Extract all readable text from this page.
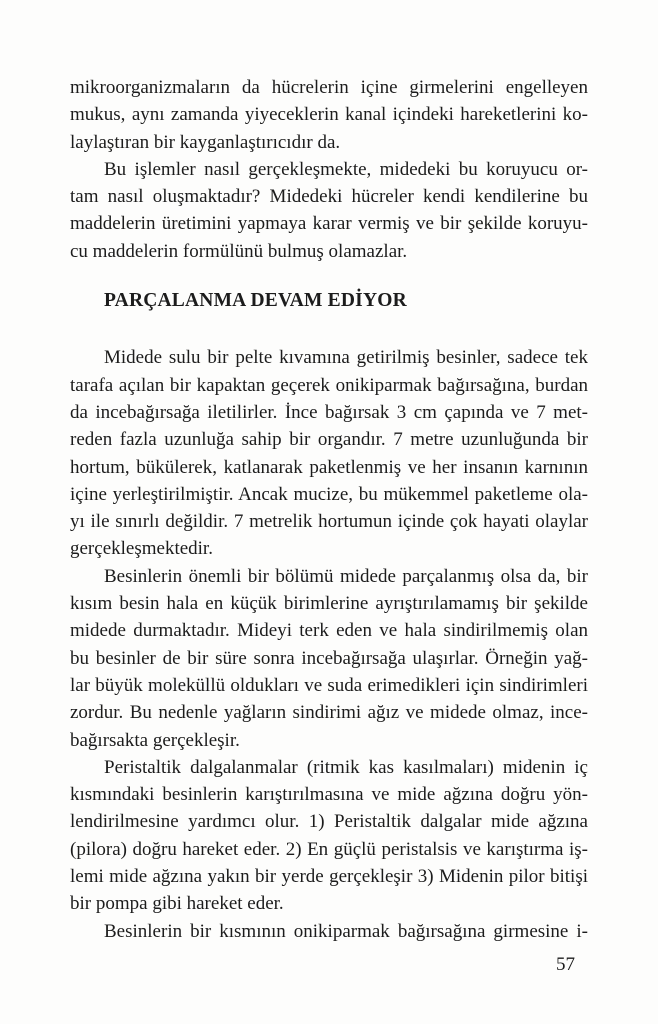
mikroorganizmaların da hücrelerin içine girmelerini engelleyen
mukus, aynı zamanda yiyeceklerin kanal içindeki hareketlerini ko-
laylaştıran bir kayganlaştırıcıdır da.
Bu işlemler nasıl gerçekleşmekte, midedeki bu koruyucu or-
tam nasıl oluşmaktadır? Midedeki hücreler kendi kendilerine bu
maddelerin üretimini yapmaya karar vermiş ve bir şekilde koruyu-
cu maddelerin formülünü bulmuş olamazlar.
PARÇALANMA DEVAM EDİYOR
Midede sulu bir pelte kıvamına getirilmiş besinler, sadece tek
tarafa açılan bir kapaktan geçerek onikiparmak bağırsağına, burdan
da incebağırsağa iletilirler. İnce bağırsak 3 cm çapında ve 7 met-
reden fazla uzunluğa sahip bir organdır. 7 metre uzunluğunda bir
hortum, bükülerek, katlanarak paketlenmiş ve her insanın karnının
içine yerleştirilmiştir. Ancak mucize, bu mükemmel paketleme ola-
yı ile sınırlı değildir. 7 metrelik hortumun içinde çok hayati olaylar
gerçekleşmektedir.
Besinlerin önemli bir bölümü midede parçalanmış olsa da, bir
kısım besin hala en küçük birimlerine ayrıştırılamamış bir şekilde
midede durmaktadır. Mideyi terk eden ve hala sindirilmemiş olan
bu besinler de bir süre sonra incebağırsağa ulaşırlar. Örneğin yağ-
lar büyük moleküllü oldukları ve suda erimedikleri için sindirimleri
zordur. Bu nedenle yağların sindirimi ağız ve midede olmaz, ince-
bağırsakta gerçekleşir.
Peristaltik dalgalanmalar (ritmik kas kasılmaları) midenin iç
kısmındaki besinlerin karıştırılmasına ve mide ağzına doğru yön-
lendirilmesine yardımcı olur. 1) Peristaltik dalgalar mide ağzına
(pilora) doğru hareket eder. 2) En güçlü peristalsis ve karıştırma iş-
lemi mide ağzına yakın bir yerde gerçekleşir 3) Midenin pilor bitişi
bir pompa gibi hareket eder.
Besinlerin bir kısmının onikiparmak bağırsağına girmesine i-
57
